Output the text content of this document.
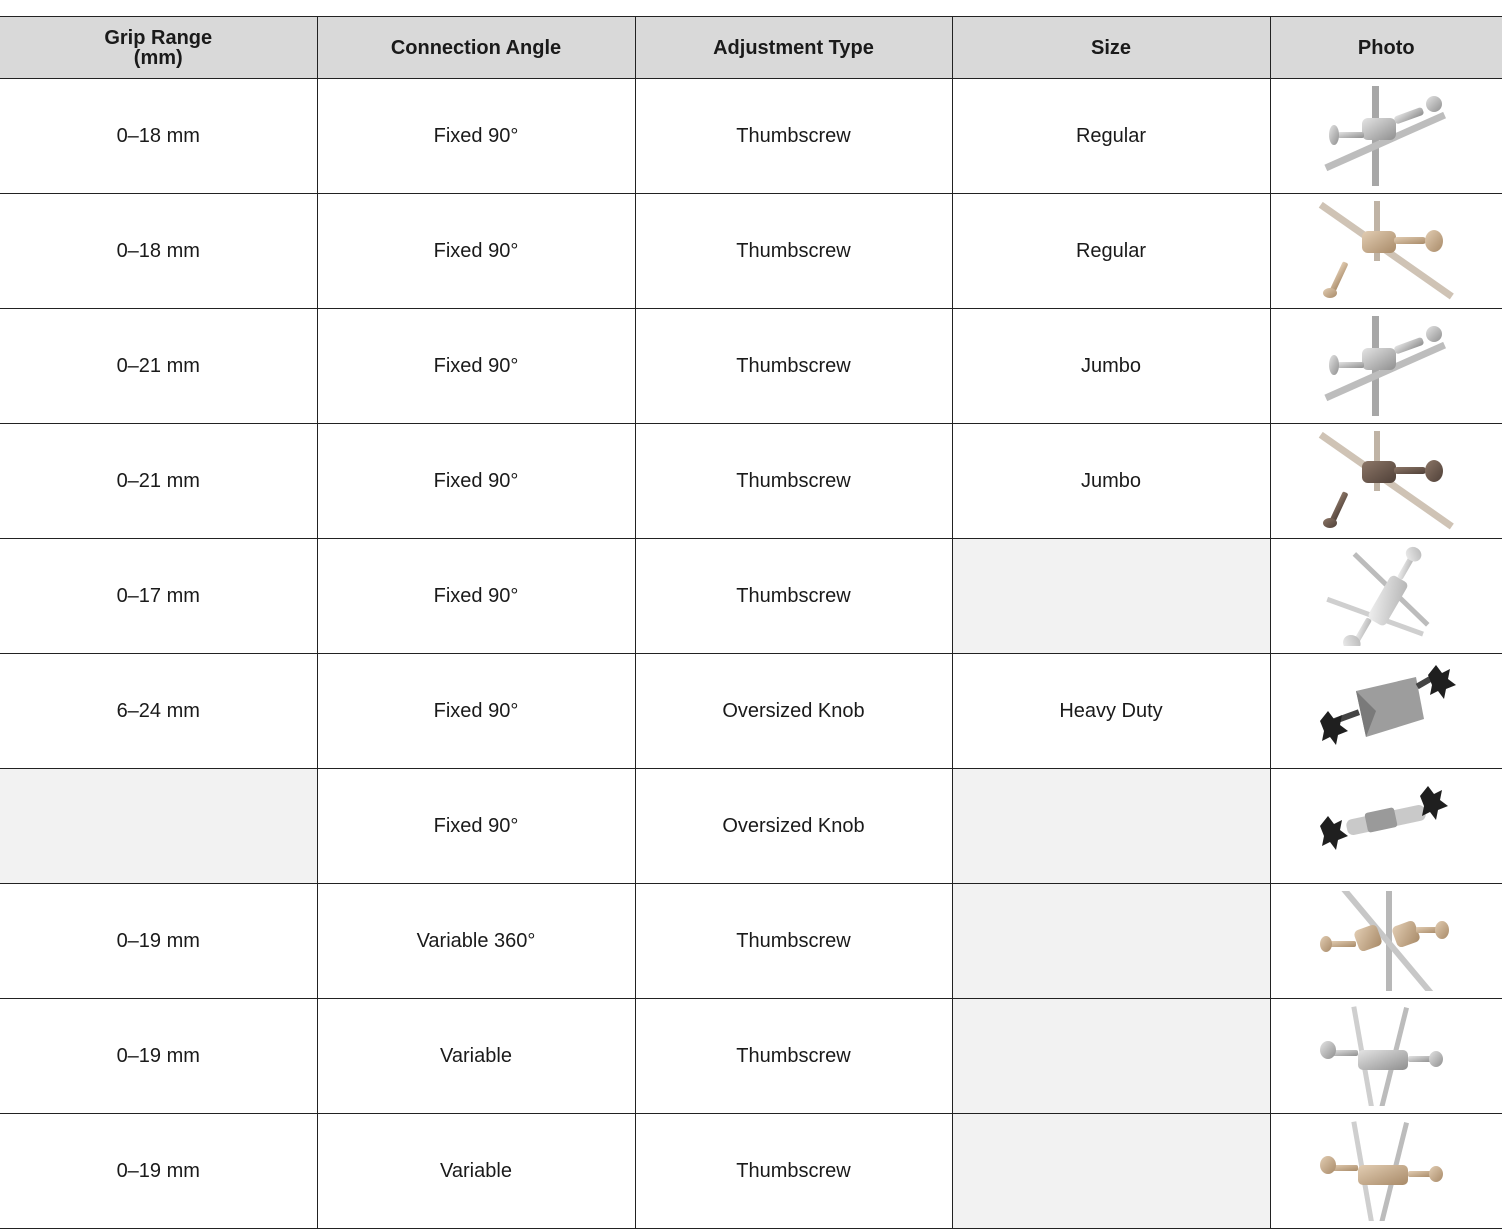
Grip Range
(mm)	Connection Angle	Adjustment Type	Size	Photo
0–18 mm	Fixed 90°	Thumbscrew	Regular	

0–18 mm	Fixed 90°	Thumbscrew	Regular	

0–21 mm	Fixed 90°	Thumbscrew	Jumbo	

0–21 mm	Fixed 90°	Thumbscrew	Jumbo	

0–17 mm	Fixed 90°	Thumbscrew		

6–24 mm	Fixed 90°	Oversized Knob	Heavy Duty	

	Fixed 90°	Oversized Knob		

0–19 mm	Variable 360°	Thumbscrew		

0–19 mm	Variable	Thumbscrew		

0–19 mm	Variable	Thumbscrew		
